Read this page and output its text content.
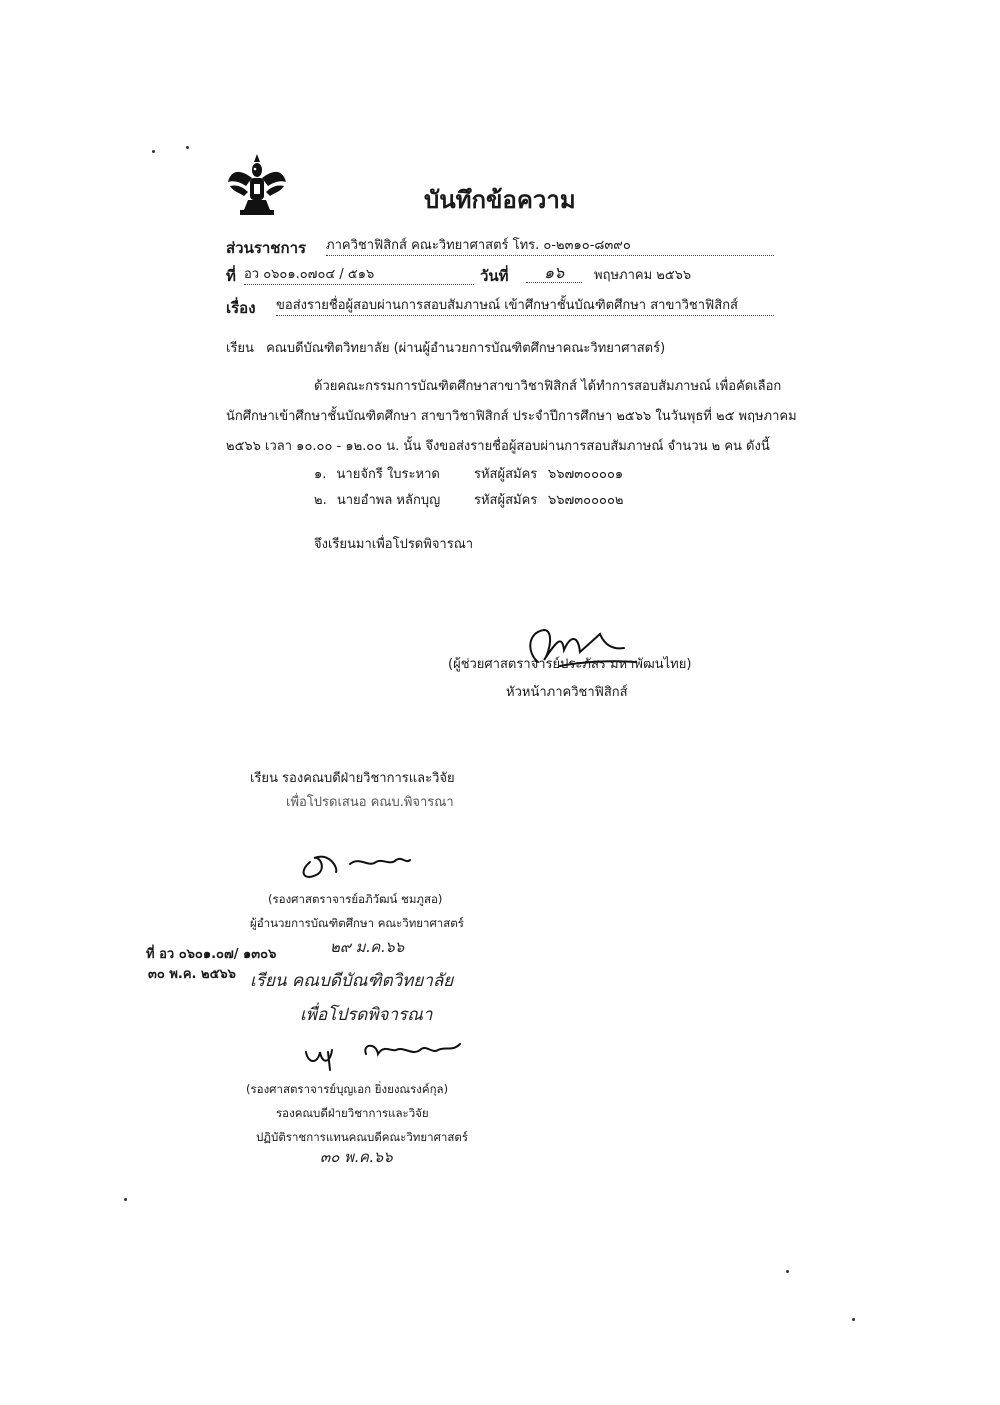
บันทึกข้อความ
ส่วนราชการ ภาควิชาฟิสิกส์ คณะวิทยาศาสตร์ โทร. ๐-๒๓๑๐-๘๓๙๐
ที่ อว ๐๖๐๑.๐๗๐๔ / ๕๑๖	วันที่	๑๖	พฤษภาคม ๒๕๖๖
เรื่อง ขอส่งรายชื่อผู้สอบผ่านการสอบสัมภาษณ์ เข้าศึกษาชั้นบัณฑิตศึกษา สาขาวิชาฟิสิกส์
เรียน คณบดีบัณฑิตวิทยาลัย (ผ่านผู้อำนวยการบัณฑิตศึกษาคณะวิทยาศาสตร์)
ด้วยคณะกรรมการบัณฑิตศึกษาสาขาวิชาฟิสิกส์ ได้ทำการสอบสัมภาษณ์ เพื่อคัดเลือก
นักศึกษาเข้าศึกษาชั้นบัณฑิตศึกษา สาขาวิชาฟิสิกส์ ประจำปีการศึกษา ๒๕๖๖ ในวันพุธที่ ๒๕ พฤษภาคม
๒๕๖๖ เวลา ๑๐.๐๐ - ๑๒.๐๐ น. นั้น จึงขอส่งรายชื่อผู้สอบผ่านการสอบสัมภาษณ์ จำนวน ๒ คน ดังนี้
๑. นายจักรี ใบระหาด	รหัสผู้สมัคร ๖๖๗๓๐๐๐๐๑
๒. นายอำพล หลักบุญ	รหัสผู้สมัคร ๖๖๗๓๐๐๐๐๒
จึงเรียนมาเพื่อโปรดพิจารณา
(ผู้ช่วยศาสตราจารย์ประภัสร มหาพัฒนไทย)
หัวหน้าภาควิชาฟิสิกส์
เรียน รองคณบดีฝ่ายวิชาการและวิจัย
เพื่อโปรดเสนอ คณบ.พิจารณา
(รองศาสตราจารย์อภิวัฒน์ ชมภูสอ)
ผู้อำนวยการบัณฑิตศึกษา คณะวิทยาศาสตร์
ที่ อว ๐๖๐๑.๐๗/ ๑๓๐๖	๒๙ ม.ค.๖๖
๓๐ พ.ค. ๒๕๖๖ เรียน คณบดีบัณฑิตวิทยาลัย
เพื่อโปรดพิจารณา
(รองศาสตราจารย์บุญเอก ยิ่งยงณรงค์กุล)
รองคณบดีฝ่ายวิชาการและวิจัย
ปฏิบัติราชการแทนคณบดีคณะวิทยาศาสตร์
๓๐ พ.ค.๖๖
